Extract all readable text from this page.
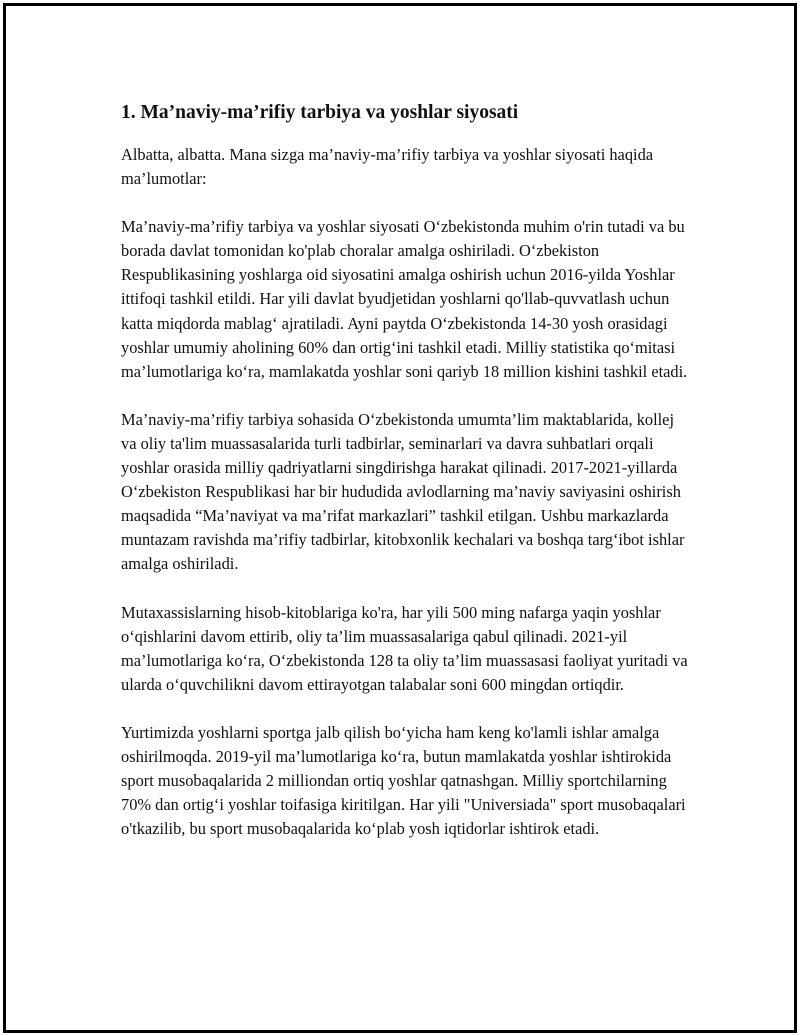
1. Ma’naviy-ma’rifiy tarbiya va yoshlar siyosati

Albatta, albatta. Mana sizga ma’naviy-ma’rifiy tarbiya va yoshlar siyosati haqida ma’lumotlar:

Ma’naviy-ma’rifiy tarbiya va yoshlar siyosati O‘zbekistonda muhim o'rin tutadi va bu borada davlat tomonidan ko'plab choralar amalga oshiriladi. O‘zbekiston Respublikasining yoshlarga oid siyosatini amalga oshirish uchun 2016-yilda Yoshlar ittifoqi tashkil etildi. Har yili davlat byudjetidan yoshlarni qo'llab-quvvatlash uchun katta miqdorda mablag‘ ajratiladi. Ayni paytda O‘zbekistonda 14-30 yosh orasidagi yoshlar umumiy aholining 60% dan ortig‘ini tashkil etadi. Milliy statistika qo‘mitasi ma’lumotlariga ko‘ra, mamlakatda yoshlar soni qariyb 18 million kishini tashkil etadi.

Ma’naviy-ma’rifiy tarbiya sohasida O‘zbekistonda umumta’lim maktablarida, kollej va oliy ta'lim muassasalarida turli tadbirlar, seminarlari va davra suhbatlari orqali yoshlar orasida milliy qadriyatlarni singdirishga harakat qilinadi. 2017-2021-yillarda O‘zbekiston Respublikasi har bir hududida avlodlarning ma’naviy saviyasini oshirish maqsadida “Ma’naviyat va ma’rifat markazlari” tashkil etilgan. Ushbu markazlarda muntazam ravishda ma’rifiy tadbirlar, kitobxonlik kechalari va boshqa targ‘ibot ishlar amalga oshiriladi.

Mutaxassislarning hisob-kitoblariga ko'ra, har yili 500 ming nafarga yaqin yoshlar o‘qishlarini davom ettirib, oliy ta’lim muassasalariga qabul qilinadi. 2021-yil ma’lumotlariga ko‘ra, O‘zbekistonda 128 ta oliy ta’lim muassasasi faoliyat yuritadi va ularda o‘quvchilikni davom ettirayotgan talabalar soni 600 mingdan ortiqdir.

Yurtimizda yoshlarni sportga jalb qilish bo‘yicha ham keng ko'lamli ishlar amalga oshirilmoqda. 2019-yil ma’lumotlariga ko‘ra, butun mamlakatda yoshlar ishtirokida sport musobaqalarida 2 milliondan ortiq yoshlar qatnashgan. Milliy sportchilarning 70% dan ortig‘i yoshlar toifasiga kiritilgan. Har yili "Universiada" sport musobaqalari o'tkazilib, bu sport musobaqalarida ko‘plab yosh iqtidorlar ishtirok etadi.
